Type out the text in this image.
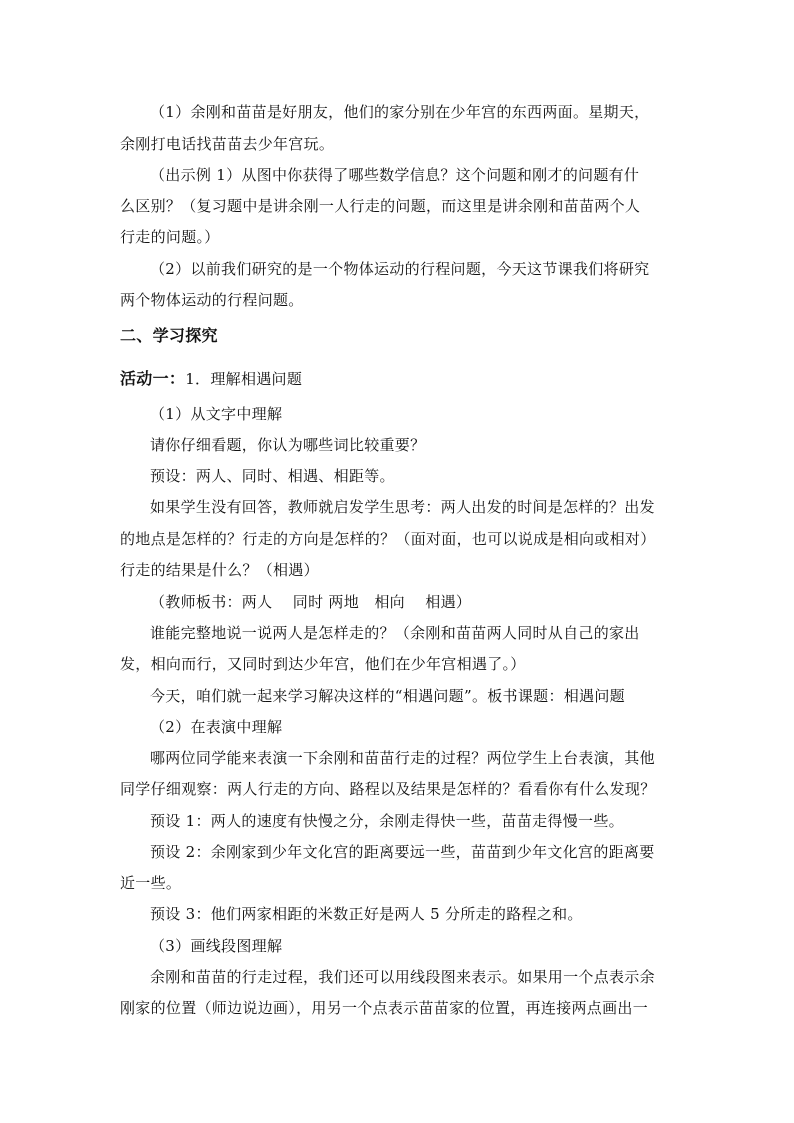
（1）余刚和苗苗是好朋友，他们的家分别在少年宫的东西两面。星期天，
余刚打电话找苗苗去少年宫玩。
（出示例 1）从图中你获得了哪些数学信息？这个问题和刚才的问题有什
么区别？（复习题中是讲余刚一人行走的问题，而这里是讲余刚和苗苗两个人
行走的问题。）
（2）以前我们研究的是一个物体运动的行程问题，今天这节课我们将研究
两个物体运动的行程问题。
二、学习探究
活动一：1．理解相遇问题
（1）从文字中理解
请你仔细看题，你认为哪些词比较重要？
预设：两人、同时、相遇、相距等。
如果学生没有回答，教师就启发学生思考：两人出发的时间是怎样的？出发
的地点是怎样的？行走的方向是怎样的？（面对面，也可以说成是相向或相对）
行走的结果是什么？（相遇）
（教师板书：两人　 同时 两地　相向　 相遇）
谁能完整地说一说两人是怎样走的？（余刚和苗苗两人同时从自己的家出
发，相向而行，又同时到达少年宫，他们在少年宫相遇了。）
今天，咱们就一起来学习解决这样的“相遇问题”。板书课题：相遇问题
（2）在表演中理解
哪两位同学能来表演一下余刚和苗苗行走的过程？两位学生上台表演，其他
同学仔细观察：两人行走的方向、路程以及结果是怎样的？看看你有什么发现？
预设 1：两人的速度有快慢之分，余刚走得快一些，苗苗走得慢一些。
预设 2：余刚家到少年文化宫的距离要远一些，苗苗到少年文化宫的距离要
近一些。
预设 3：他们两家相距的米数正好是两人 5 分所走的路程之和。
（3）画线段图理解
余刚和苗苗的行走过程，我们还可以用线段图来表示。如果用一个点表示余
刚家的位置（师边说边画），用另一个点表示苗苗家的位置，再连接两点画出一
